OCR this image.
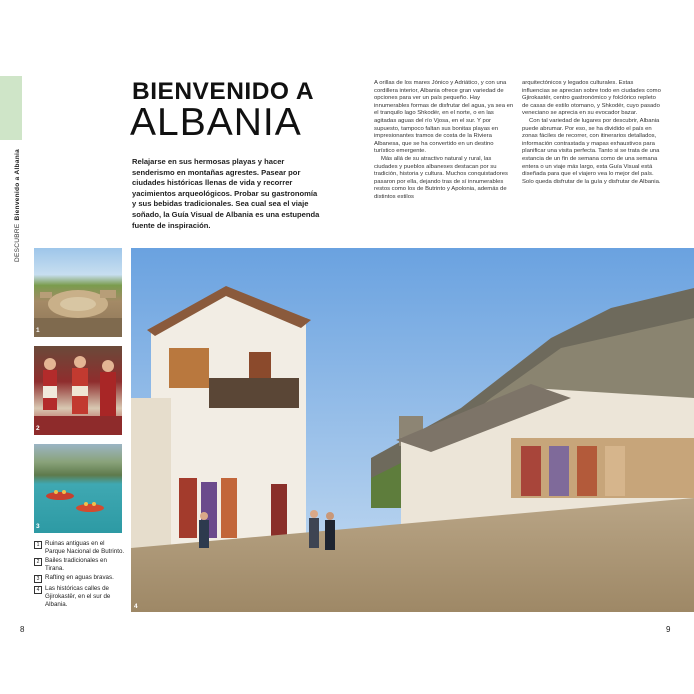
DESCUBREBienvenido a Albania
BIENVENIDO A
ALBANIA
Relajarse en sus hermosas playas y hacer senderismo en montañas agrestes. Pasear por ciudades históricas llenas de vida y recorrer yacimientos arqueológicos. Probar su gastronomía y sus bebidas tradicionales. Sea cual sea el viaje soñado, la Guía Visual de Albania es una estupenda fuente de inspiración.

A orillas de los mares Jónico y Adriático, y con una cordillera interior, Albania ofrece gran variedad de opciones para ver un país pequeño. Hay innumerables formas de disfrutar del agua, ya sea en el tranquilo lago Shkodër, en el norte, o en las agitadas aguas del río Vjosa, en el sur. Y por supuesto, tampoco faltan sus bonitas playas en impresionantes tramos de costa de la Riviera Albanesa, que se ha convertido en un destino turístico emergente.

Más allá de su atractivo natural y rural, las ciudades y pueblos albaneses destacan por su tradición, historia y cultura. Muchos conquistadores pasaron por ella, dejando tras de sí innumerables restos como los de Butrinto y Apolonia, además de distintos estilos

arquitectónicos y legados culturales. Estas influencias se aprecian sobre todo en ciudades como Gjirokastër, centro gastronómico y folclórico repleto de casas de estilo otomano, y Shkodër, cuyo pasado veneciano se aprecia en su evocador bazar.

Con tal variedad de lugares por descubrir, Albania puede abrumar. Por eso, se ha dividido el país en zonas fáciles de recorrer, con itinerarios detallados, información contrastada y mapas exhaustivos para planificar una visita perfecta. Tanto si se trata de una estancia de un fin de semana como de una semana entera o un viaje más largo, esta Guía Visual está diseñada para que el viajero vea lo mejor del país. Solo queda disfrutar de la guía y disfrutar de Albania.

1
2
3
1 Ruinas antiguas en el Parque Nacional de Butrinto.
2 Bailes tradicionales en Tirana.
3 Rafting en aguas bravas.
4 Las históricas calles de Gjirokastër, en el sur de Albania.	4
8	9
